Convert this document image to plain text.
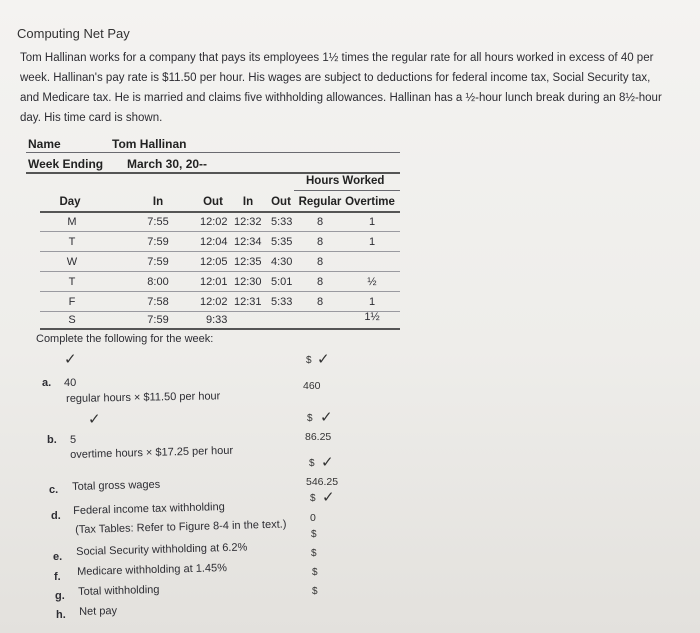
Computing Net Pay
Tom Hallinan works for a company that pays its employees 1½ times the regular rate for all hours worked in excess of 40 per week. Hallinan's pay rate is $11.50 per hour. His wages are subject to deductions for federal income tax, Social Security tax, and Medicare tax. He is married and claims five withholding allowances. Hallinan has a ½-hour lunch break during an 8½-hour day. His time card is shown.
Name	Tom Hallinan
Week Ending March 30, 20--
Hours Worked
Day	In	Out In Out Regular Overtime
M	7:55	12:02 12:32 5:33 8	1
T	7:59	12:04 12:34 5:35 8	1
W	7:59	12:05 12:35 4:30 8
T	8:00	12:01 12:30 5:01 8	½
F	7:58	12:02 12:31 5:33 8	1
S	7:59	9:33	1½
Complete the following for the week:
✓	$ ✓
a. 40	460
regular hours × $11.50 per hour
✓	$ ✓
b. 5	86.25
overtime hours × $17.25 per hour
$ ✓
c. Total gross wages	546.25
$ ✓
d. Federal income tax withholding
(Tax Tables: Refer to Figure 8-4 in the text.)
0
$
e. Social Security withholding at 6.2%	$
f. Medicare withholding at 1.45%	$
g. Total withholding	$
h. Net pay
